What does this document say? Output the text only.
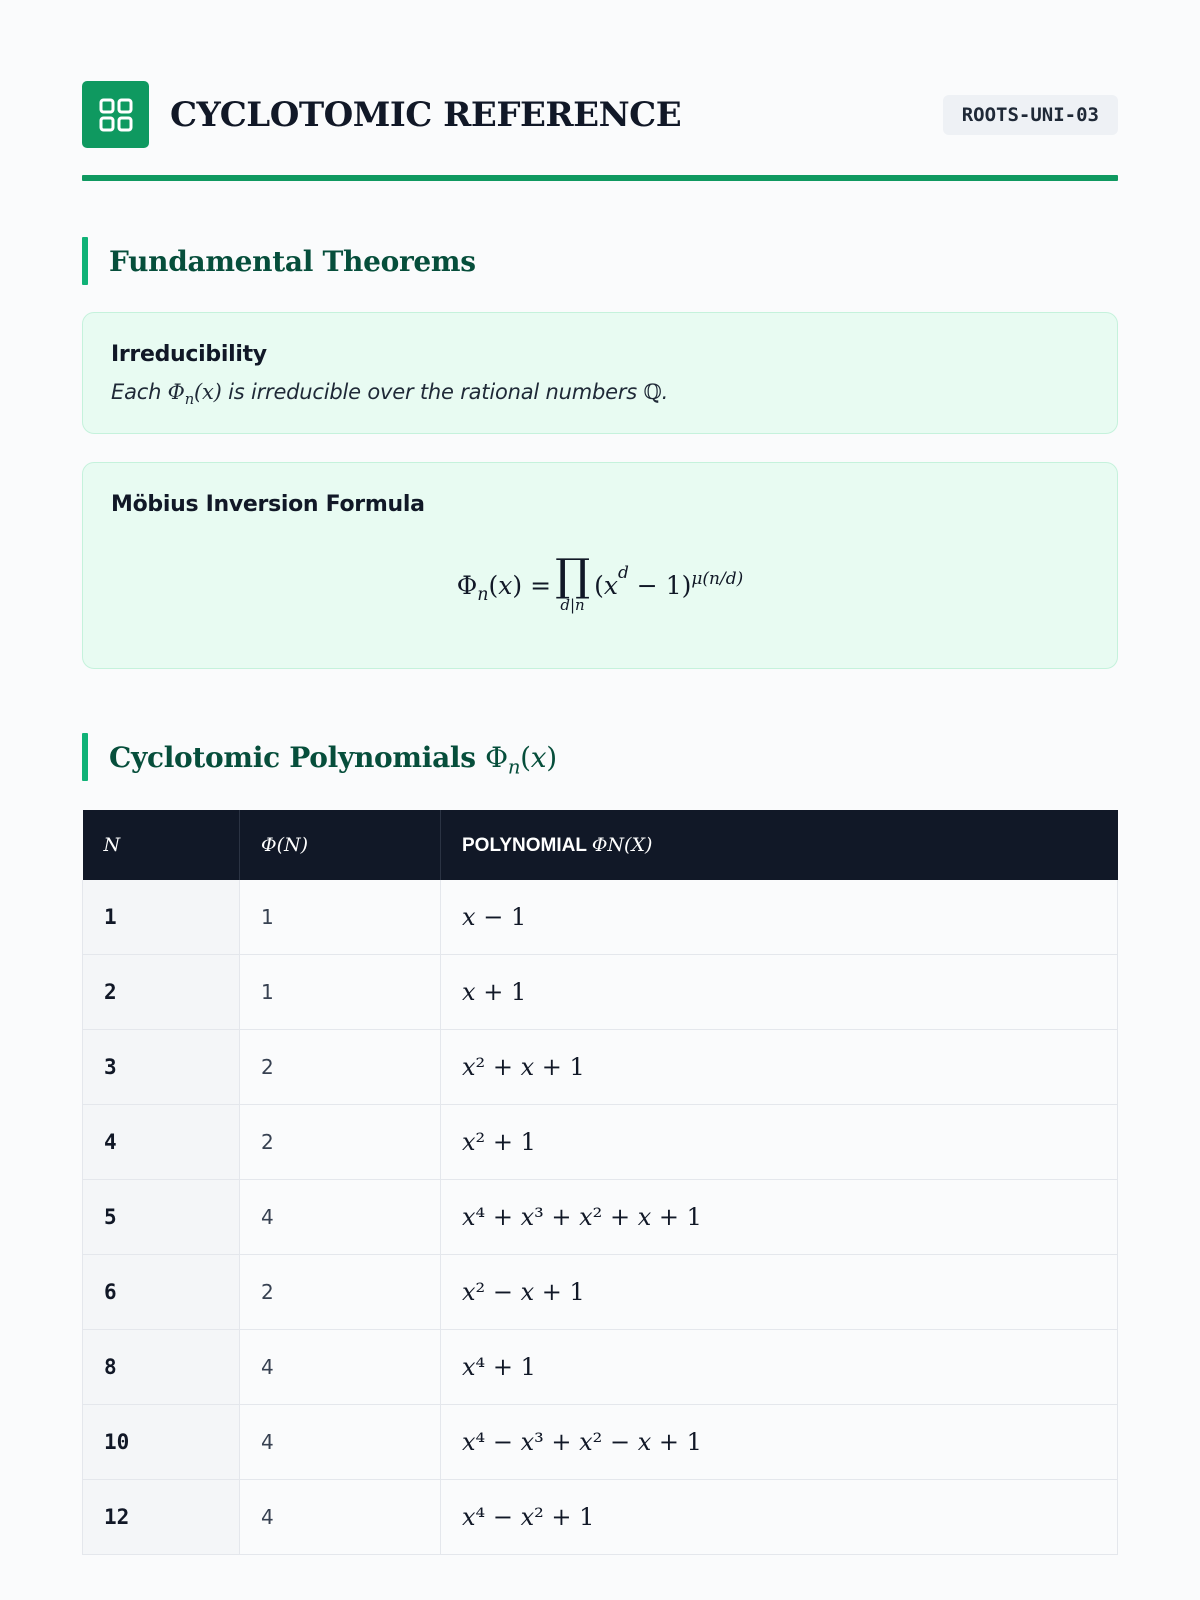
CYCLOTOMIC REFERENCE	ROOTS-UNI-03
Fundamental Theorems
Irreducibility
Each $\Phi_n(x)$ is irreducible over the rational numbers ℚ.
Möbius Inversion Formula
$\Phi_n(x)$ = ∏
d|n
$(x^d - 1)^{\mu(n/d)}$
Cyclotomic Polynomials $\Phi_n(x)$
N	Φ(N)	POLYNOMIAL ΦN(X)
1	1	x − 1
2	1	x + 1
3	2	x² + x + 1
4	2	x² + 1
5	4	x⁴ + x³ + x² + x + 1
6	2	x² − x + 1
8	4	x⁴ + 1
10	4	x⁴ − x³ + x² − x + 1
12	4	x⁴ − x² + 1
